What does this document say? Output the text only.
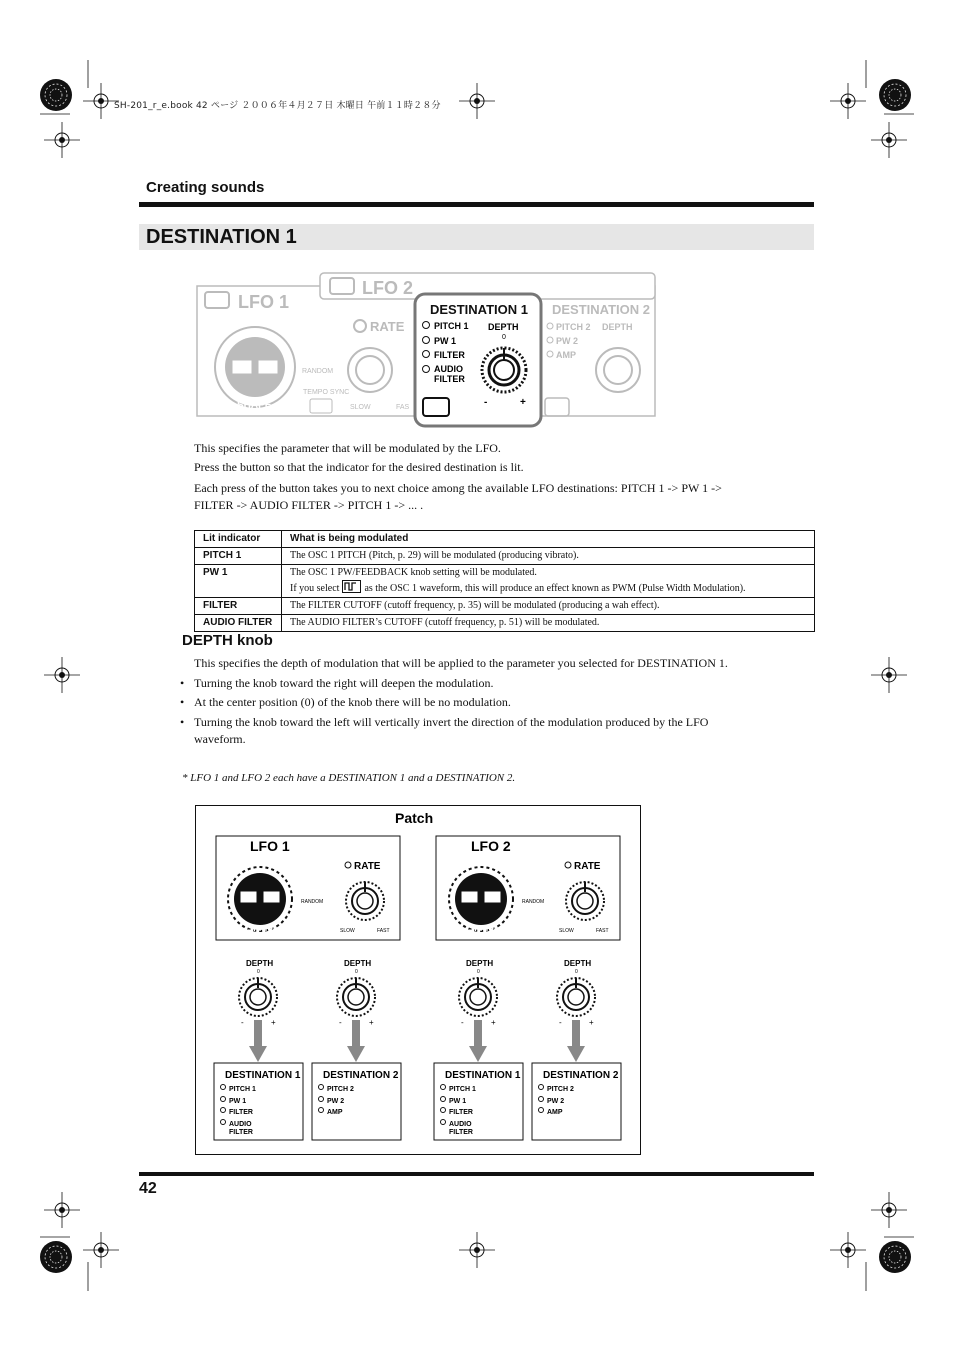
SH-201_r_e.book 42 ページ ２００６年４月２７日 木曜日 午前１１時２８分
Creating sounds
DESTINATION 1
LFO 1
LFO 2
SHAPE
RANDOM
TEMPO SYNC
RATE
SLOW	FAS
DESTINATION 1
PITCH 1
PW 1
FILTER
AUDIO
FILTER
DEPTH
0
-	+
DESTINATION 2
PITCH 2
PW 2
AMP
DEPTH
This specifies the parameter that will be modulated by the LFO.
Press the button so that the indicator for the desired destination is lit.
Each press of the button takes you to next choice among the available LFO destinations: PITCH 1 -> PW 1 ->
FILTER -> AUDIO FILTER -> PITCH 1 -> ... .
Lit indicator	What is being modulated
PITCH 1	The OSC 1 PITCH (Pitch, p. 29) will be modulated (producing vibrato).
PW 1	The OSC 1 PW/FEEDBACK knob setting will be modulated.
If you select as the OSC 1 waveform, this will produce an effect known as PWM (Pulse Width Modulation).

FILTER	The FILTER CUTOFF (cutoff frequency, p. 35) will be modulated (producing a wah effect).
AUDIO FILTER	The AUDIO FILTER’s CUTOFF (cutoff frequency, p. 51) will be modulated.
DEPTH knob
This specifies the depth of modulation that will be applied to the parameter you selected for DESTINATION 1.
• Turning the knob toward the right will deepen the modulation.
• At the center position (0) of the knob there will be no modulation.
• Turning the knob toward the left will vertically invert the direction of the modulation produced by the LFO
waveform.
* LFO 1 and LFO 2 each have a DESTINATION 1 and a DESTINATION 2.
Patch
LFO 1
SHAPE
RANDOM
RATE
SLOW	FAST
LFO 2
SHAPE
RANDOM
RATE
SLOW	FAST
DEPTH
0
-	+
DEPTH
0
-	+
DEPTH
0
-	+
DEPTH
0
-	+
DESTINATION 1
PITCH 1
PW 1
FILTER
AUDIO
FILTER
DESTINATION 2
PITCH 2
PW 2
AMP
DESTINATION 1
PITCH 1
PW 1
FILTER
AUDIO
FILTER
DESTINATION 2
PITCH 2
PW 2
AMP
42
